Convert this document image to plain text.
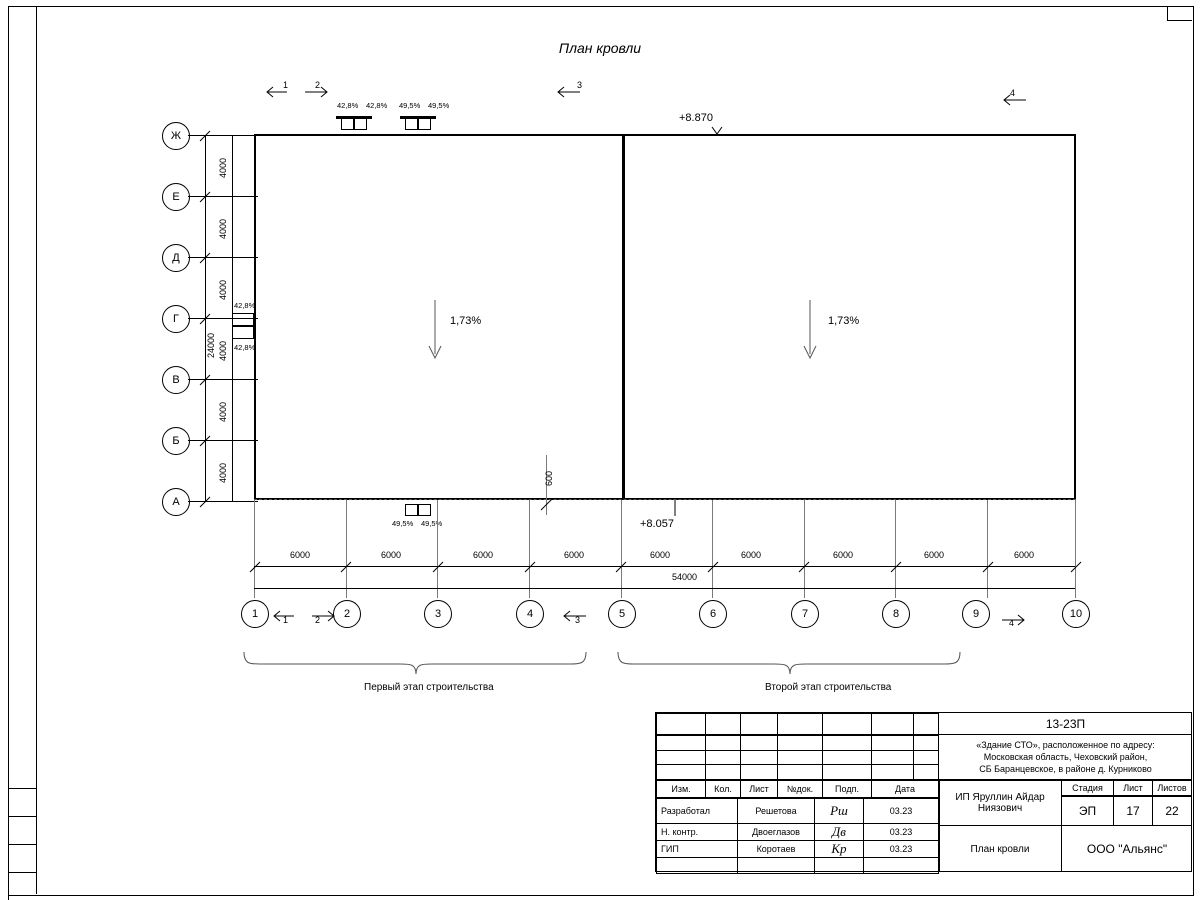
План кровли
1,73%	1,73%
+8.870
+8.057
42,8% 42,8% 49,5% 49,5%
49,5% 49,5%
42,8%
42,8%
Ж
Е
Д
Г
В
Б
А
4000
4000
4000
4000
4000
4000
24000
6000	6000	6000	6000	6000	6000	6000	6000	6000
54000
600
1	2	3	4	5	6	7	8	9	10
1	2	3
4
1	2	3	4
Первый этап строительства	Второй этап строительства
13-23П

«Здание СТО», расположенное по адресу:
Московская область, Чеховский район,
СБ Баранцевское, в районе д. Курниково
Изм.	Кол.	Лист	№док.	Подп.	Дата
Разработал	Решетова	Рш	03.23
Н. контр.	Двоеглазов	Дв	03.23
ГИП	Коротаев	Кр	03.23

ИП Яруллин Айдар Ниязович
План кровли
Стадия	Лист	Листов
ЭП	17	22
ООО "Альянс"
